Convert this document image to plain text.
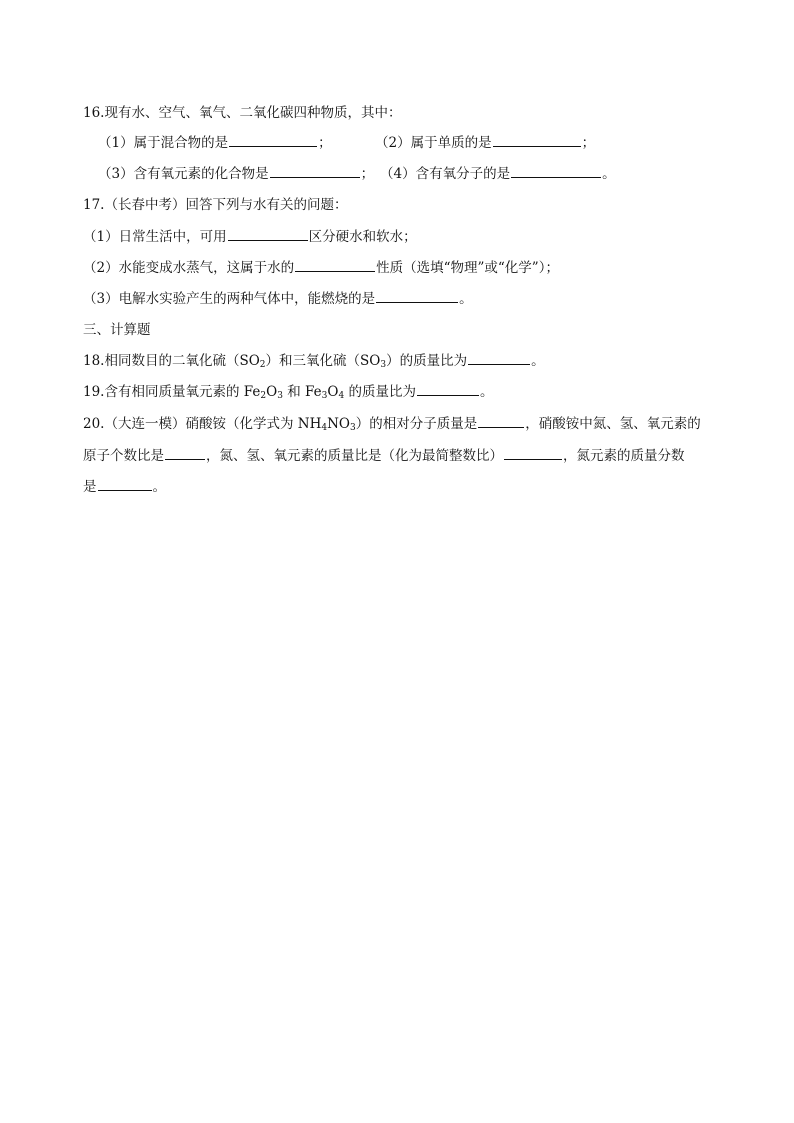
16.现有水、空气、氧气、二氧化碳四种物质，其中：
（1）属于混合物的是	；	（2）属于单质的是	；
（3）含有氧元素的化合物是	； （4）含有氧分子的是	。
17.（长春中考）回答下列与水有关的问题：
（1）日常生活中，可用	区分硬水和软水；
（2）水能变成水蒸气，这属于水的	性质（选填“物理”或“化学”）；
（3）电解水实验产生的两种气体中，能燃烧的是	。
三、计算题
18.相同数目的二氧化硫$(SO_2)$和三氧化硫$(SO_3)$的质量比为	。
19.含有相同质量氧元素的 $Fe_2O_3$ 和 $Fe_3O_4$ 的质量比为	。
20.（大连一模）硝酸铵（化学式为 $NH_4NO_3$）的相对分子质量是	，硝酸铵中氮、氢、氧元素的
原子个数比是	，氮、氢、氧元素的质量比是（化为最简整数比）	，氮元素的质量分数
是	。
